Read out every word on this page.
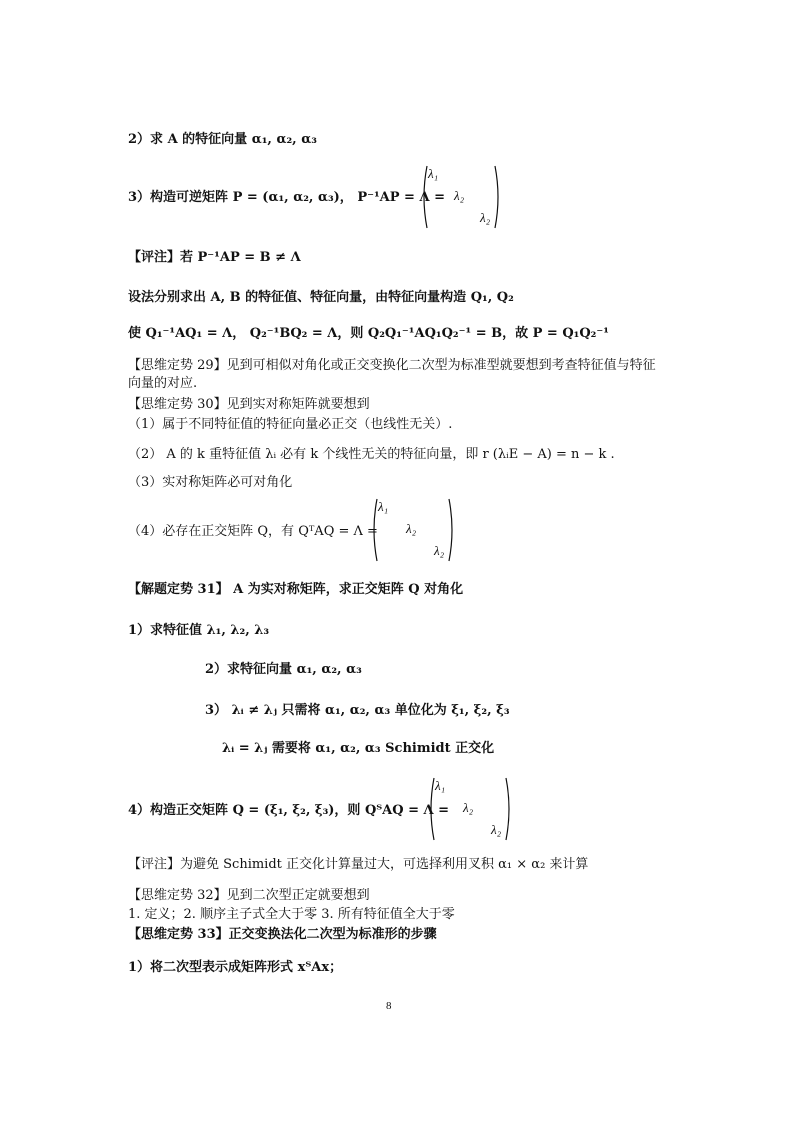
2）求 A 的特征向量 α₁, α₂, α₃
3）构造可逆矩阵 P = (α₁, α₂, α₃)， P⁻¹AP = Λ =
λ₁
λ₂
λ₂
【评注】若 P⁻¹AP = B ≠ Λ
设法分别求出 A, B 的特征值、特征向量，由特征向量构造 Q₁, Q₂
使 Q₁⁻¹AQ₁ = Λ， Q₂⁻¹BQ₂ = Λ，则 Q₂Q₁⁻¹AQ₁Q₂⁻¹ = B，故 P = Q₁Q₂⁻¹
【思维定势 29】见到可相似对角化或正交变换化二次型为标准型就要想到考查特征值与特征
向量的对应.
【思维定势 30】见到实对称矩阵就要想到
（1）属于不同特征值的特征向量必正交（也线性无关）.
（2） A 的 k 重特征值 λᵢ 必有 k 个线性无关的特征向量，即 r (λᵢE − A) = n − k .
（3）实对称矩阵必可对角化
（4）必存在正交矩阵 Q，有 QᵀAQ = Λ =
λ₁
λ₂
λ₂
【解题定势 31】 A 为实对称矩阵，求正交矩阵 Q 对角化
1）求特征值 λ₁, λ₂, λ₃
2）求特征向量 α₁, α₂, α₃
3） λᵢ ≠ λⱼ 只需将 α₁, α₂, α₃ 单位化为 ξ₁, ξ₂, ξ₃
λᵢ = λⱼ 需要将 α₁, α₂, α₃ Schimidt 正交化
4）构造正交矩阵 Q = (ξ₁, ξ₂, ξ₃)，则 QᵀAQ = Λ =
λ₁
λ₂
λ₂
【评注】为避免 Schimidt 正交化计算量过大，可选择利用叉积 α₁ × α₂ 来计算
【思维定势 32】见到二次型正定就要想到
1. 定义；2. 顺序主子式全大于零 3. 所有特征值全大于零
【思维定势 33】正交变换法化二次型为标准形的步骤
1）将二次型表示成矩阵形式 xᵀAx；
8
